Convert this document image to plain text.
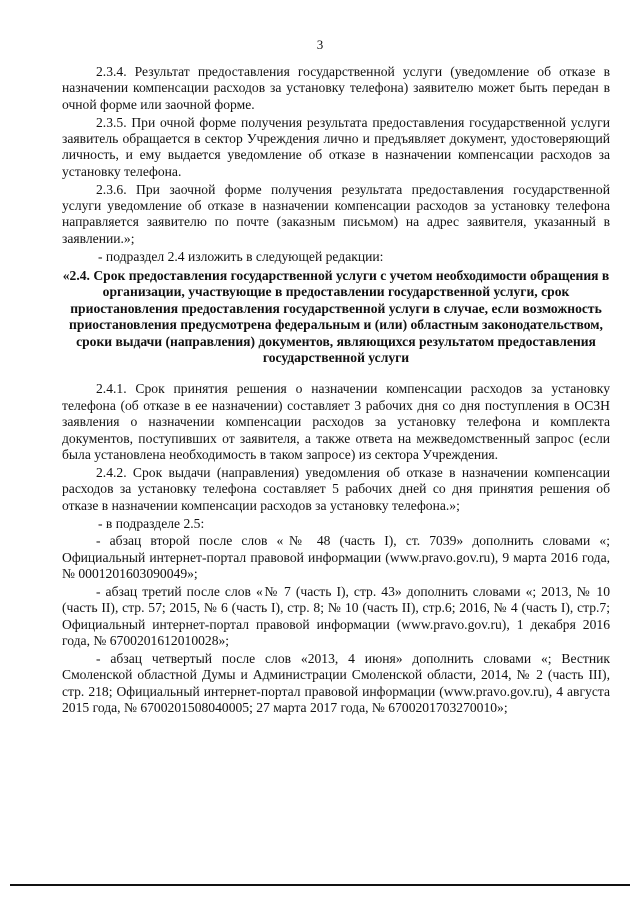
3

2.3.4. Результат предоставления государственной услуги (уведомление об отказе в назначении компенсации расходов за установку телефона) заявителю может быть передан в очной форме или заочной форме.

2.3.5. При очной форме получения результата предоставления государственной услуги заявитель обращается в сектор Учреждения лично и предъявляет документ, удостоверяющий личность, и ему выдается уведомление об отказе в назначении компенсации расходов за установку телефона.

2.3.6. При заочной форме получения результата предоставления государственной услуги уведомление об отказе в назначении компенсации расходов за установку телефона направляется заявителю по почте (заказным письмом) на адрес заявителя, указанный в заявлении.»;

- подраздел 2.4 изложить в следующей редакции:

«2.4. Срок предоставления государственной услуги с учетом необходимости обращения в организации, участвующие в предоставлении государственной услуги, срок приостановления предоставления государственной услуги в случае, если возможность приостановления предусмотрена федеральным и (или) областным законодательством, сроки выдачи (направления) документов, являющихся результатом предоставления государственной услуги

2.4.1. Срок принятия решения о назначении компенсации расходов за установку телефона (об отказе в ее назначении) составляет 3 рабочих дня со дня поступления в ОСЗН заявления о назначении компенсации расходов за установку телефона и комплекта документов, поступивших от заявителя, а также ответа на межведомственный запрос (если была установлена необходимость в таком запросе) из сектора Учреждения.

2.4.2. Срок выдачи (направления) уведомления об отказе в назначении компенсации расходов за установку телефона составляет 5 рабочих дней со дня принятия решения об отказе в назначении компенсации расходов за установку телефона.»;

- в подразделе 2.5:

- абзац второй после слов «№ 48 (часть I), ст. 7039» дополнить словами «; Официальный интернет-портал правовой информации (www.pravo.gov.ru), 9 марта 2016 года, № 0001201603090049»;

- абзац третий после слов «№ 7 (часть I), стр. 43» дополнить словами «; 2013, № 10 (часть II), стр. 57; 2015, № 6 (часть I), стр. 8; № 10 (часть II), стр.6; 2016, № 4 (часть I), стр.7; Официальный интернет-портал правовой информации (www.pravo.gov.ru), 1 декабря 2016 года, № 6700201612010028»;

- абзац четвертый после слов «2013, 4 июня» дополнить словами «; Вестник Смоленской областной Думы и Администрации Смоленской области, 2014, № 2 (часть III), стр. 218; Официальный интернет-портал правовой информации (www.pravo.gov.ru), 4 августа 2015 года, № 6700201508040005; 27 марта 2017 года, № 6700201703270010»;
